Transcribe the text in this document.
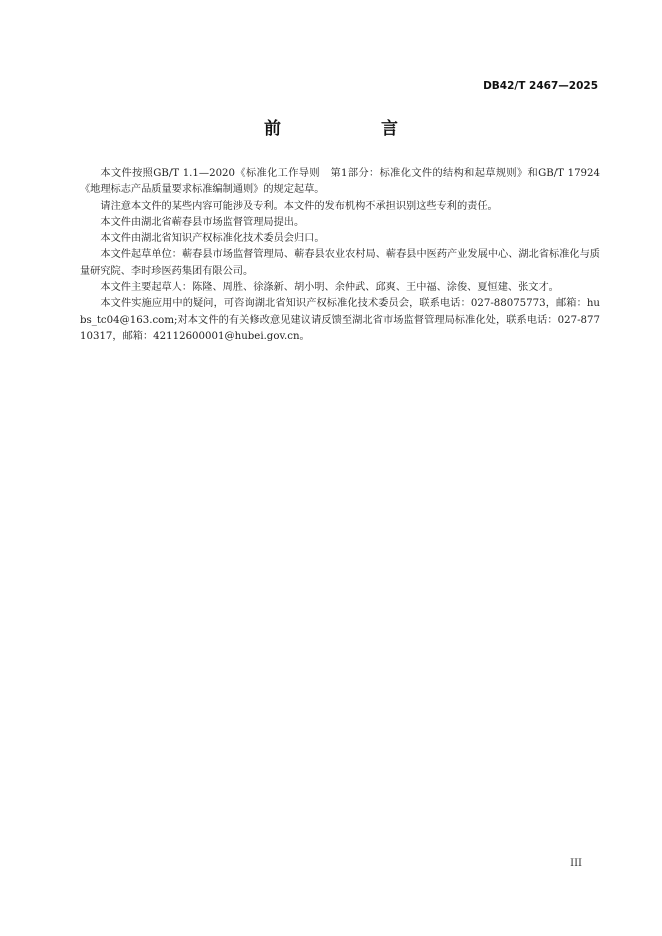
DB42/T 2467—2025
前　　言

本文件按照GB/T 1.1—2020《标准化工作导则　第1部分：标准化文件的结构和起草规则》和GB/T 17924《地理标志产品质量要求标准编制通则》的规定起草。

请注意本文件的某些内容可能涉及专利。本文件的发布机构不承担识别这些专利的责任。

本文件由湖北省蕲春县市场监督管理局提出。

本文件由湖北省知识产权标准化技术委员会归口。

本文件起草单位：蕲春县市场监督管理局、蕲春县农业农村局、蕲春县中医药产业发展中心、湖北省标准化与质量研究院、李时珍医药集团有限公司。

本文件主要起草人：陈隆、周胜、徐涤新、胡小明、余仲武、邱爽、王中福、涂俊、夏恒建、张文才。

本文件实施应用中的疑问，可咨询湖北省知识产权标准化技术委员会，联系电话：027-88075773，邮箱：hubs_tc04@163.com;对本文件的有关修改意见建议请反馈至湖北省市场监督管理局标准化处，联系电话：027-87710317，邮箱：42112600001@hubei.gov.cn。

III
